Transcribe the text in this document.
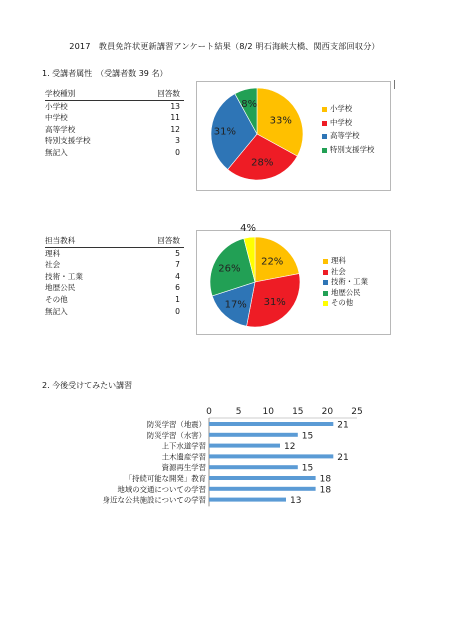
2017　教員免許状更新講習アンケート結果（8/2 明石海峡大橋、関西支部回収分）
1. 受講者属性　（受講者数 39 名）
学校種別	回答数
小学校	13
中学校	11
高等学校	12
特別支援学校	3
無記入	0
33%
28%
31%
8%	小学校
中学校
高等学校
特別支援学校
担当教科	回答数
理科	5
社会	7
技術・工業	4
地歴公民	6
その他	1
無記入	0
22%
31%
17%
26%
4%
理科
社会
技術・工業
地歴公民
その他
2. 今後受けてみたい講習
0	5 10 15 20 25
防災学習（地震）	21
防災学習（水害）	15
上下水道学習	12
土木遺産学習	21
資源再生学習	15
「持続可能な開発」教育	18
地域の交通についての学習	18
身近な公共施設についての学習	13
